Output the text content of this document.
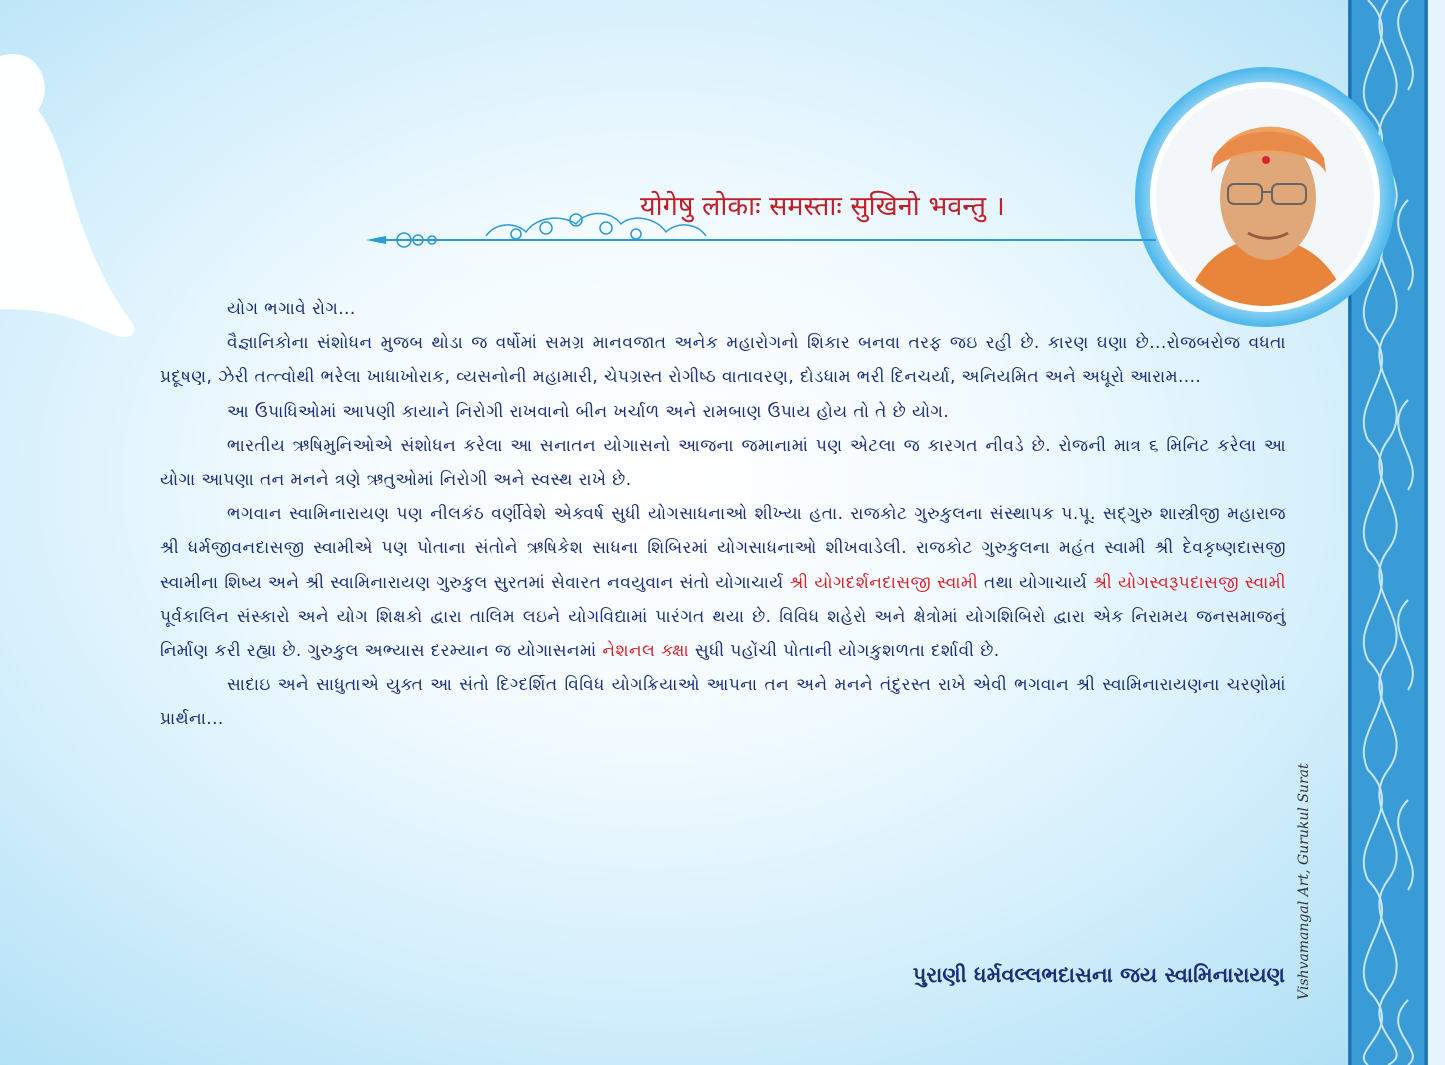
Vishvamangal Art, Gurukul Surat
योगेषु लोकाः समस्ताः सुखिनो भवन्तु ।

યોગ ભગાવે રોગ...

વૈજ્ઞાનિકોના સંશોધન મુજબ થોડા જ વર્ષોમાં સમગ્ર માનવજાત અનેક મહારોગનો શિકાર બનવા તરફ જઇ રહી છે. કારણ ઘણા છે...રોજબરોજ વધતા પ્રદૂષણ, ઝેરી તત્ત્વોથી ભરેલા ખાધાખોરાક, વ્યસનોની મહામારી, ચેપગ્રસ્ત રોગીષ્ઠ વાતાવરણ, દોડધામ ભરી દિનચર્યા, અનિયમિત અને અધૂરો આરામ....

આ ઉપાધિઓમાં આપણી કાયાને નિરોગી રાખવાનો બીન ખર્ચાળ અને રામબાણ ઉપાય હોય તો તે છે યોગ.

ભારતીય ઋષિમુનિઓએ સંશોધન કરેલા આ સનાતન યોગાસનો આજના જમાનામાં પણ એટલા જ કારગત નીવડે છે. રોજની માત્ર ૬ મિનિટ કરેલા આ યોગા આપણા તન મનને ત્રણે ઋતુઓમાં નિરોગી અને સ્વસ્થ રાખે છે.

ભગવાન સ્વામિનારાયણ પણ નીલકંઠ વર્ણીવેશે એક્વર્ષ સુધી યોગસાધનાઓ શીખ્યા હતા. રાજકોટ ગુરુકુલના સંસ્થાપક પ.પૂ. સદ્‌ગુરુ શાસ્ત્રીજી મહારાજ શ્રી ધર્મજીવનદાસજી સ્વામીએ પણ પોતાના સંતોને ઋષિકેશ સાધના શિબિરમાં યોગસાધનાઓ શીખવાડેલી. રાજકોટ ગુરુકુલના મહંત સ્વામી શ્રી દેવકૃષ્ણદાસજી સ્વામીના શિષ્ય અને શ્રી સ્વામિનારાયણ ગુરુકુલ સુરતમાં સેવારત નવયુવાન સંતો યોગાચાર્ય શ્રી યોગદર્શનદાસજી સ્વામી તથા યોગાચાર્ય શ્રી યોગસ્વરૂપદાસજી સ્વામી પૂર્વકાલિન સંસ્કારો અને યોગ શિક્ષકો દ્વારા તાલિમ લઇને યોગવિદ્યામાં પારંગત થયા છે. વિવિધ શહેરો અને ક્ષેત્રોમાં યોગશિબિરો દ્વારા એક નિરામય જનસમાજનું નિર્માણ કરી રહ્યા છે. ગુરુકુલ અભ્યાસ દરમ્યાન જ યોગાસનમાં નેશનલ ક્ક્ષા સુધી પહોંચી પોતાની યોગકુશળતા દર્શાવી છે.

સાદાઇ અને સાધુતાએ યુક્ત આ સંતો દિગ્દર્શિત વિવિધ યોગક્રિયાઓ આપના તન અને મનને તંદુરસ્ત રાખે એવી ભગવાન શ્રી સ્વામિનારાયણના ચરણોમાં પ્રાર્થના...

પુરાણી ધર્મવલ્લભદાસના જય સ્વામિનારાયણ
